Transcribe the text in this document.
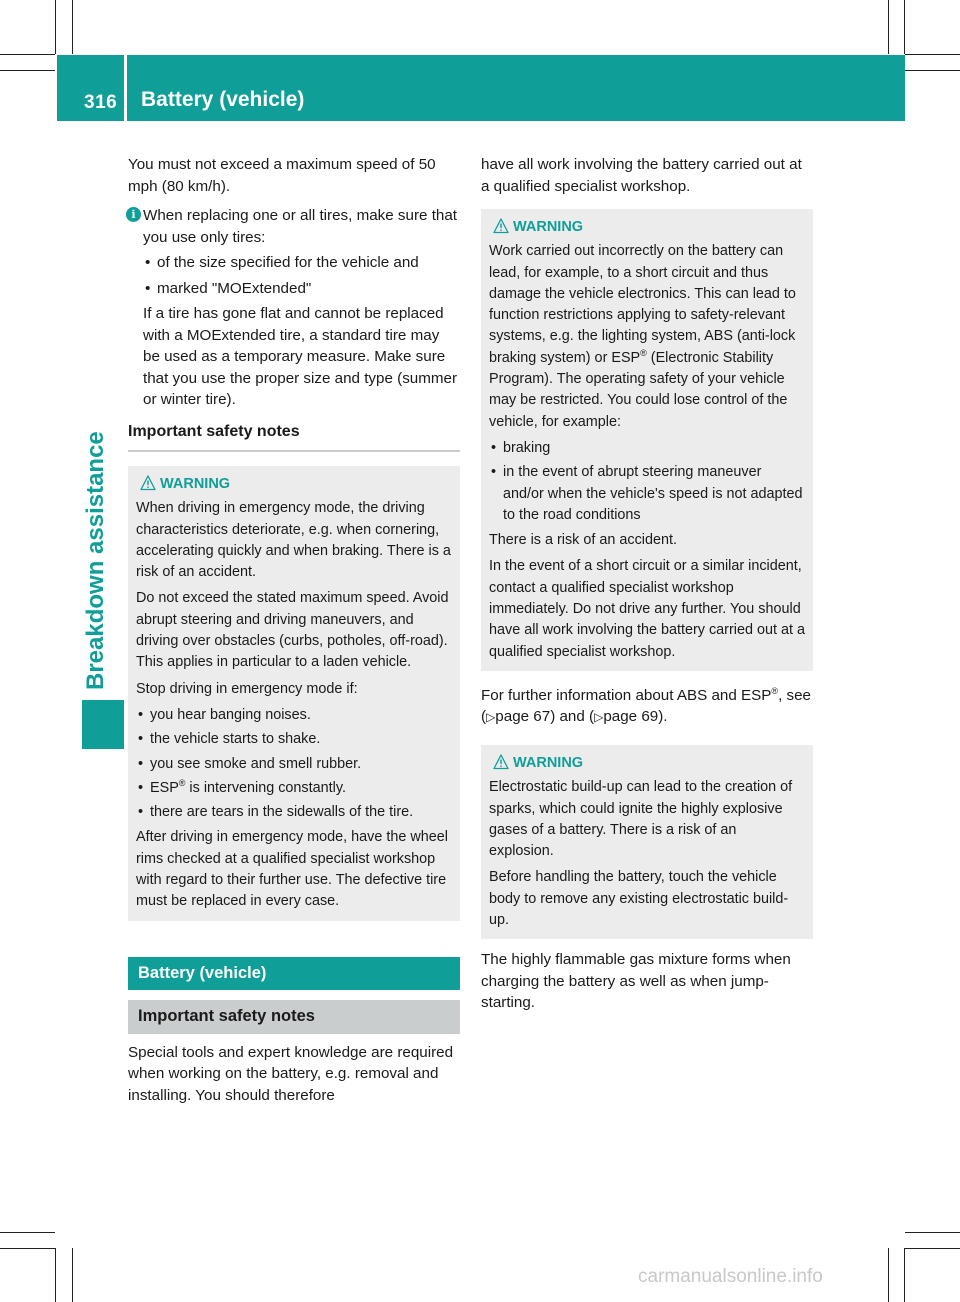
316 Battery (vehicle)
Breakdown assistance

You must not exceed a maximum speed of 50 mph (80 km/h).

i When replacing one or all tires, make sure that you use only tires:

• of the size specified for the vehicle and
• marked "MOExtended"

If a tire has gone flat and cannot be replaced with a MOExtended tire, a standard tire may be used as a temporary measure. Make sure that you use the proper size and type (summer or winter tire).

Important safety notes
WARNING

When driving in emergency mode, the driving characteristics deteriorate, e.g. when cornering, accelerating quickly and when braking. There is a risk of an accident.

Do not exceed the stated maximum speed. Avoid abrupt steering and driving maneuvers, and driving over obstacles (curbs, potholes, off-road). This applies in particular to a laden vehicle.

Stop driving in emergency mode if:

• you hear banging noises.
• the vehicle starts to shake.
• you see smoke and smell rubber.
• ESP® is intervening constantly.
• there are tears in the sidewalls of the tire.

After driving in emergency mode, have the wheel rims checked at a qualified specialist workshop with regard to their further use. The defective tire must be replaced in every case.

Battery (vehicle)
Important safety notes

Special tools and expert knowledge are required when working on the battery, e.g. removal and installing. You should therefore

have all work involving the battery carried out at a qualified specialist workshop.

WARNING

Work carried out incorrectly on the battery can lead, for example, to a short circuit and thus damage the vehicle electronics. This can lead to function restrictions applying to safety-relevant systems, e.g. the lighting system, ABS (anti-lock braking system) or ESP® (Electronic Stability Program). The operating safety of your vehicle may be restricted. You could lose control of the vehicle, for example:

• braking
• in the event of abrupt steering maneuver and/or when the vehicle's speed is not adapted to the road conditions

There is a risk of an accident.

In the event of a short circuit or a similar incident, contact a qualified specialist workshop immediately. Do not drive any further. You should have all work involving the battery carried out at a qualified specialist workshop.

For further information about ABS and ESP®, see (▷page 67) and (▷page 69).

WARNING

Electrostatic build-up can lead to the creation of sparks, which could ignite the highly explosive gases of a battery. There is a risk of an explosion.

Before handling the battery, touch the vehicle body to remove any existing electrostatic build-up.

The highly flammable gas mixture forms when charging the battery as well as when jump-starting.

carmanualsonline.info
